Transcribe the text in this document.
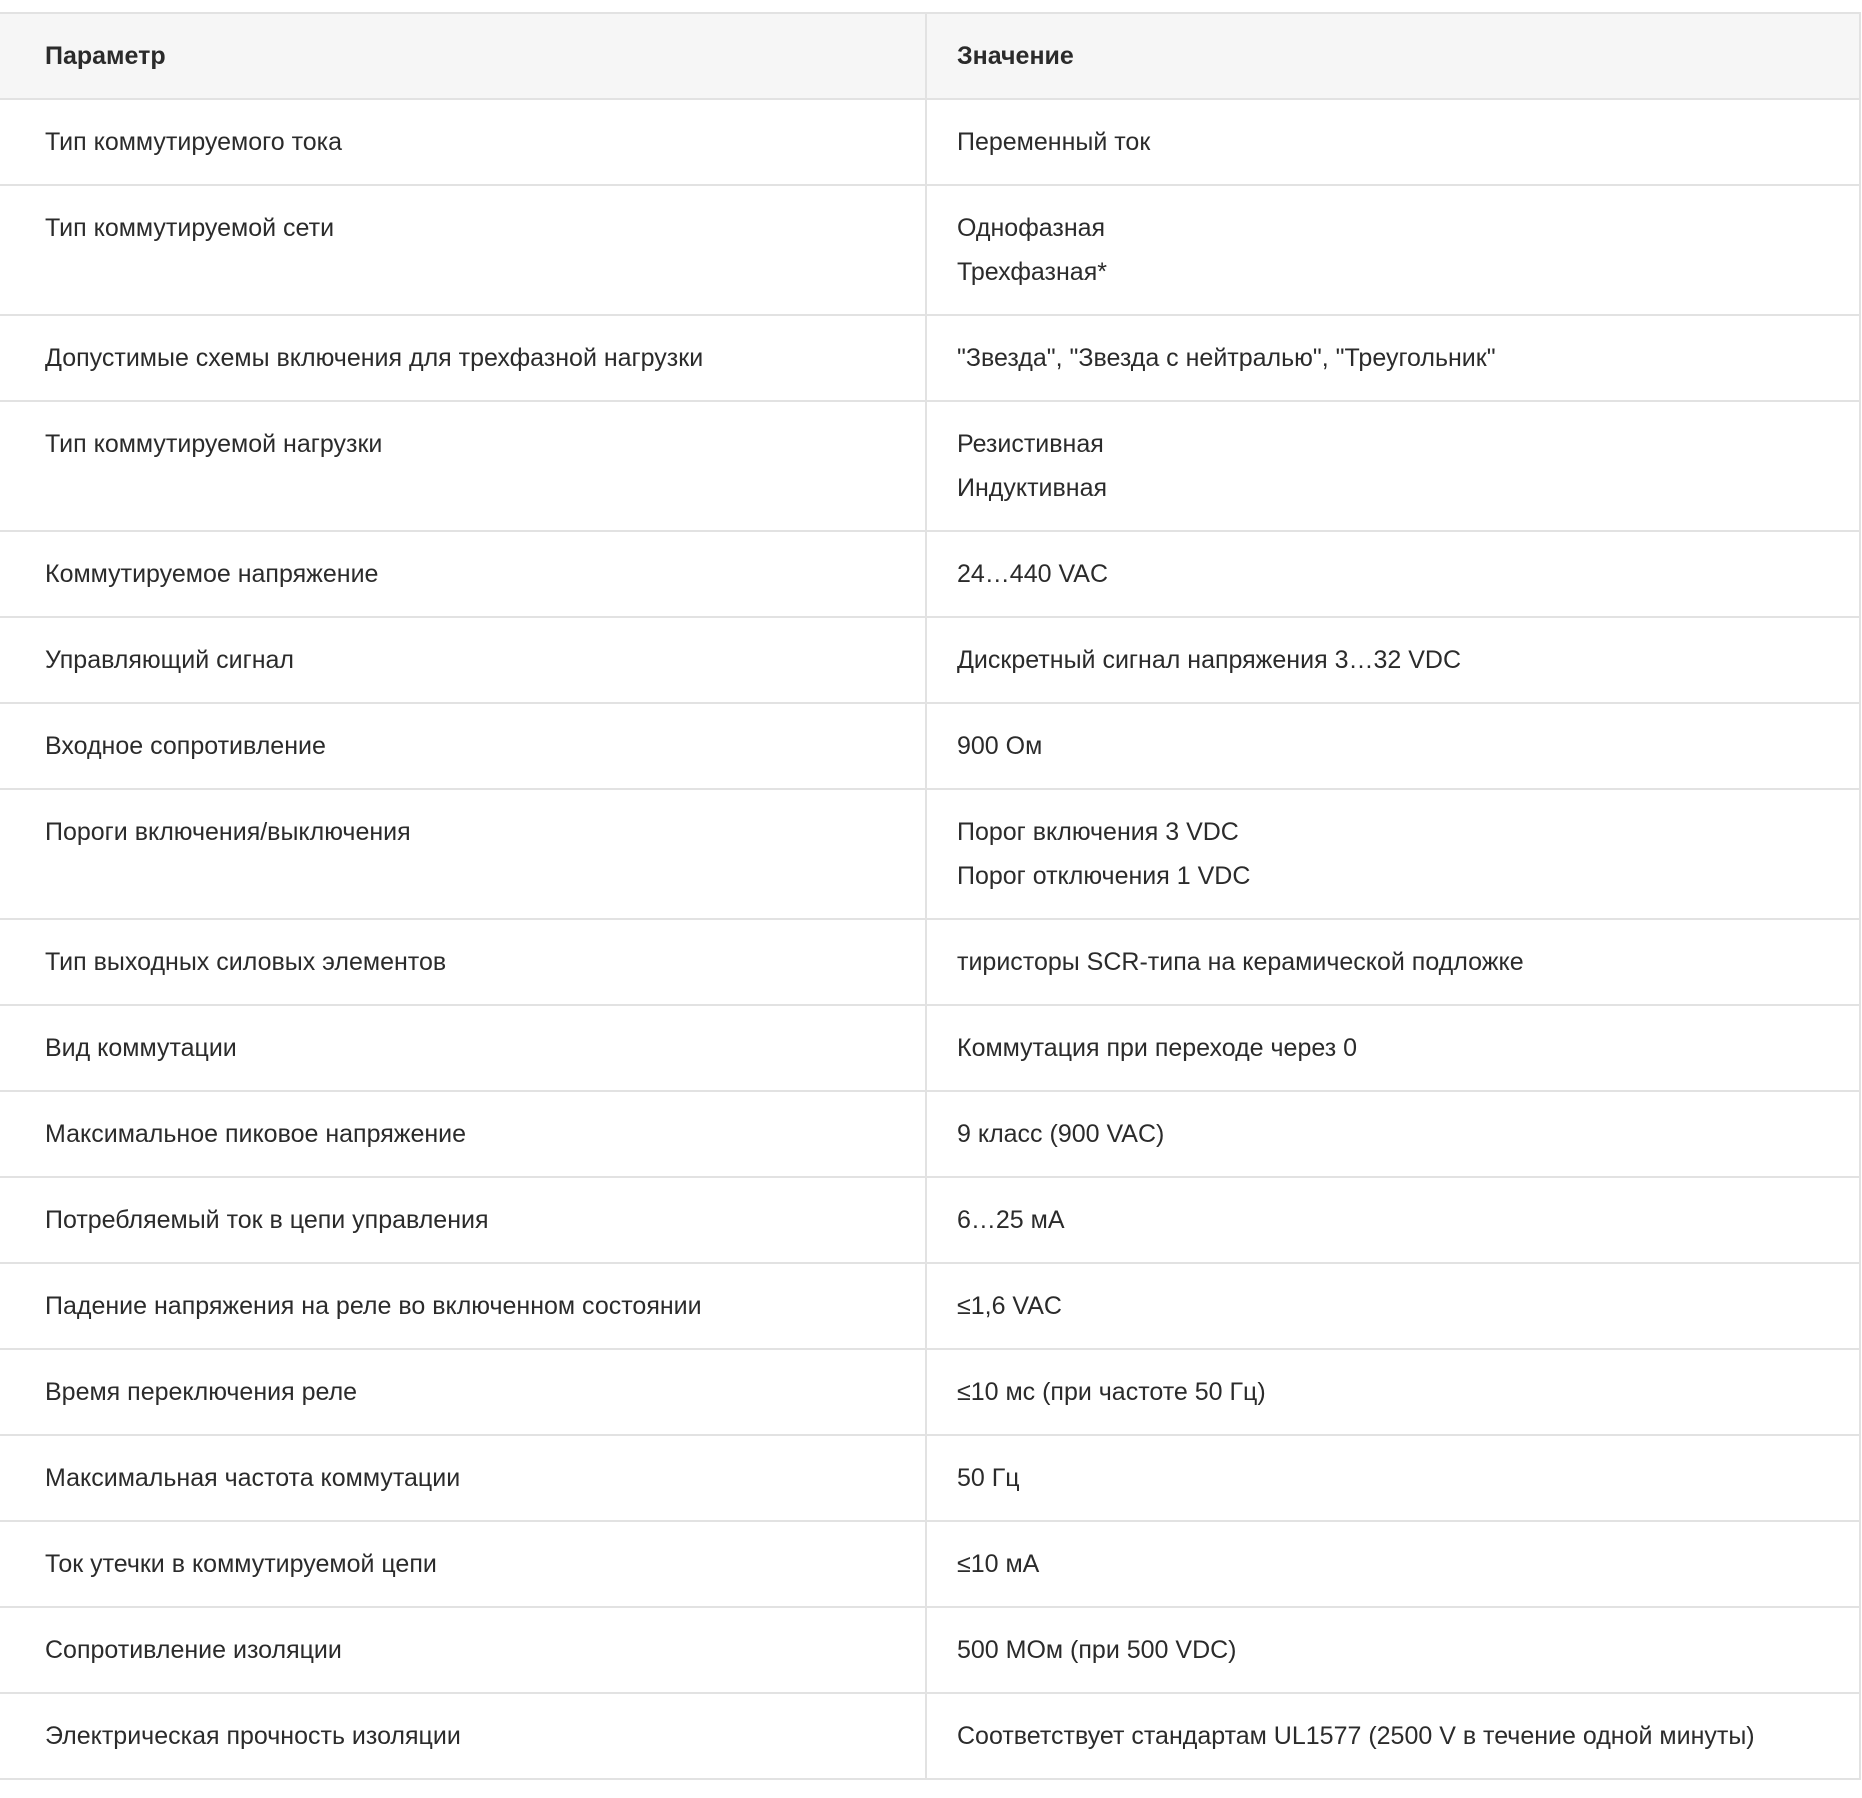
Параметр	Значение
Тип коммутируемого тока	Переменный ток

Тип коммутируемой сети	Однофазная
Трехфазная*

Допустимые схемы включения для трехфазной нагрузки	"Звезда", "Звезда с нейтралью", "Треугольник"

Тип коммутируемой нагрузки	Резистивная
Индуктивная

Коммутируемое напряжение	24…440 VAC

Управляющий сигнал	Дискретный сигнал напряжения 3…32 VDC

Входное сопротивление	900 Ом

Пороги включения/выключения	Порог включения 3 VDC
Порог отключения 1 VDC

Тип выходных силовых элементов	тиристоры SCR-типа на керамической подложке

Вид коммутации	Коммутация при переходе через 0

Максимальное пиковое напряжение	9 класс (900 VAC)

Потребляемый ток в цепи управления	6…25 мА

Падение напряжения на реле во включенном состоянии	≤1,6 VAC

Время переключения реле	≤10 мс (при частоте 50 Гц)

Максимальная частота коммутации	50 Гц

Ток утечки в коммутируемой цепи	≤10 мА

Сопротивление изоляции	500 МОм (при 500 VDC)

Электрическая прочность изоляции	Соответствует стандартам UL1577 (2500 V в течение одной минуты)
